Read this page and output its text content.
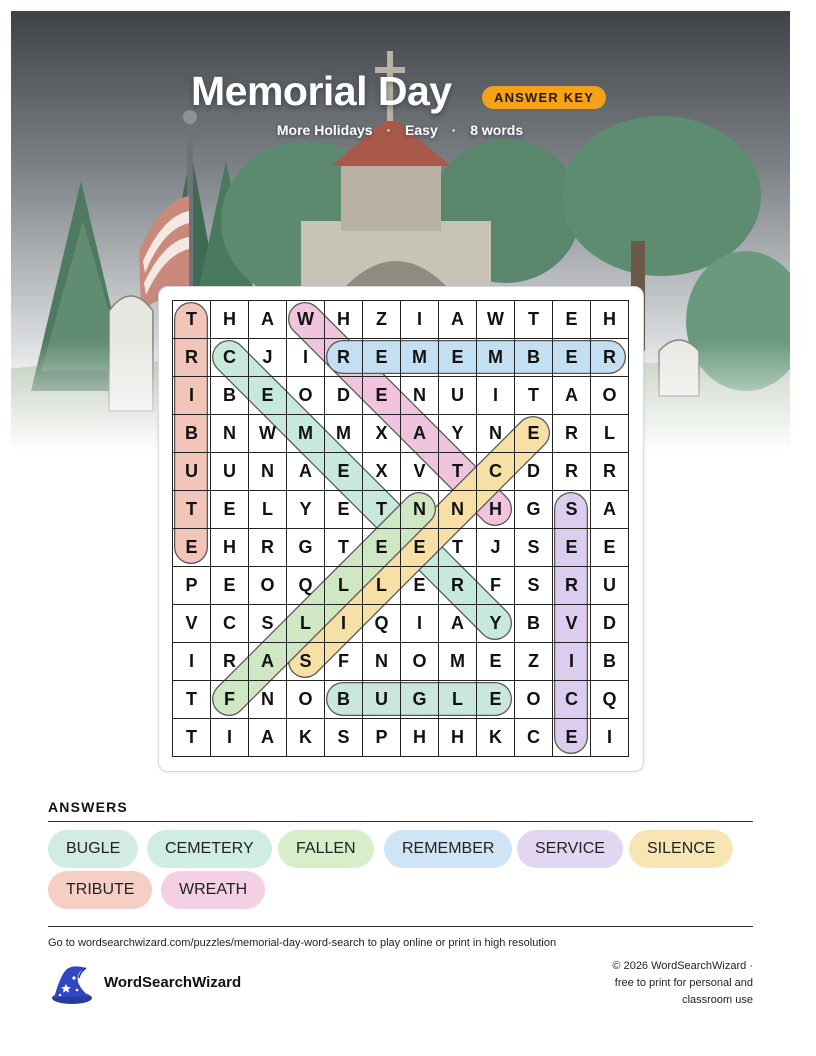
Memorial Day	ANSWER KEY
More Holidays · Easy · 8 words
T	H	A	W	H	Z	I	A	W	T	E	H
R	C	J	I	R	E	M	E	M	B	E	R
I	B	E	O	D	E	N	U	I	T	A	O
B	N	W	M	M	X	A	Y	N	E	R	L
U	U	N	A	E	X	V	T	C	D	R	R
T	E	L	Y	E	T	N	N	H	G	S	A
E	H	R	G	T	E	E	T	J	S	E	E
P	E	O	Q	L	L	E	R	F	S	R	U
V	C	S	L	I	Q	I	A	Y	B	V	D
I	R	A	S	F	N	O	M	E	Z	I	B
T	F	N	O	B	U	G	L	E	O	C	Q
T	I	A	K	S	P	H	H	K	C	E	I
ANSWERS
BUGLE	CEMETERY	FALLEN	REMEMBER	SERVICE	SILENCE
TRIBUTE	WREATH
Go to wordsearchwizard.com/puzzles/memorial-day-word-search to play online or print in high resolution
WordSearchWizard
© 2026 WordSearchWizard ·
free to print for personal and
classroom use
